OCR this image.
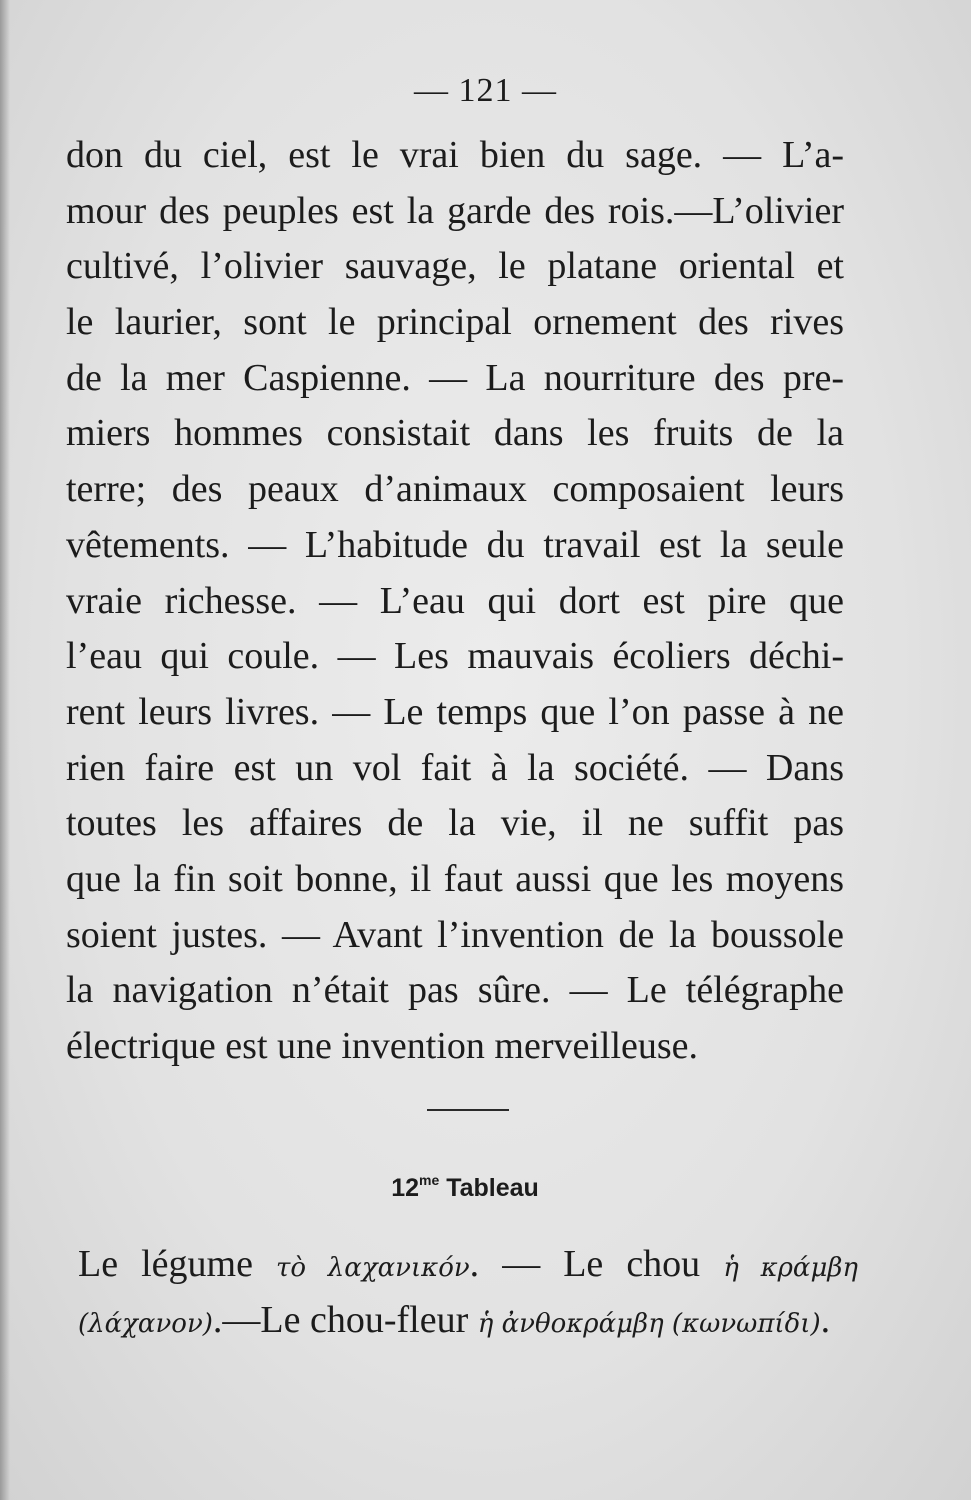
— 121 —
don du ciel, est le vrai bien du sage. — L’a-
mour des peuples est la garde des rois.—L’olivier
cultivé, l’olivier sauvage, le platane oriental et
le laurier, sont le principal ornement des rives
de la mer Caspienne. — La nourriture des pre-
miers hommes consistait dans les fruits de la
terre; des peaux d’animaux composaient leurs
vêtements. — L’habitude du travail est la seule
vraie richesse. — L’eau qui dort est pire que
l’eau qui coule. — Les mauvais écoliers déchi-
rent leurs livres. — Le temps que l’on passe à ne
rien faire est un vol fait à la société. — Dans
toutes les affaires de la vie, il ne suffit pas
que la fin soit bonne, il faut aussi que les moyens
soient justes. — Avant l’invention de la boussole
la navigation n’était pas sûre. — Le télégraphe
électrique est une invention merveilleuse.
$12^{me}$ Tableau
Le légume τὸ λαχανικόν. — Le chou ἡ κράμβη
(λάχανον).—Le chou-fleur ἡ ἀνθοκράμβη (κωνωπίδι).
